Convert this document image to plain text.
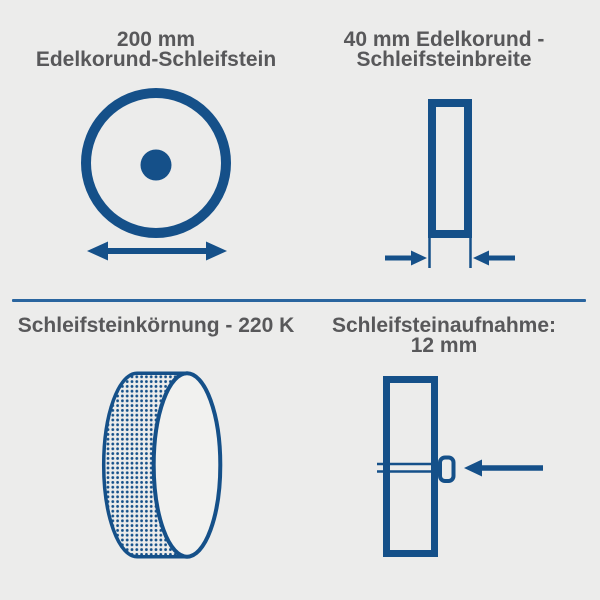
200 mm
Edelkorund-Schleifstein
40 mm Edelkorund -
Schleifsteinbreite
Schleifsteinkörnung - 220 K	Schleifsteinaufnahme:
12 mm
